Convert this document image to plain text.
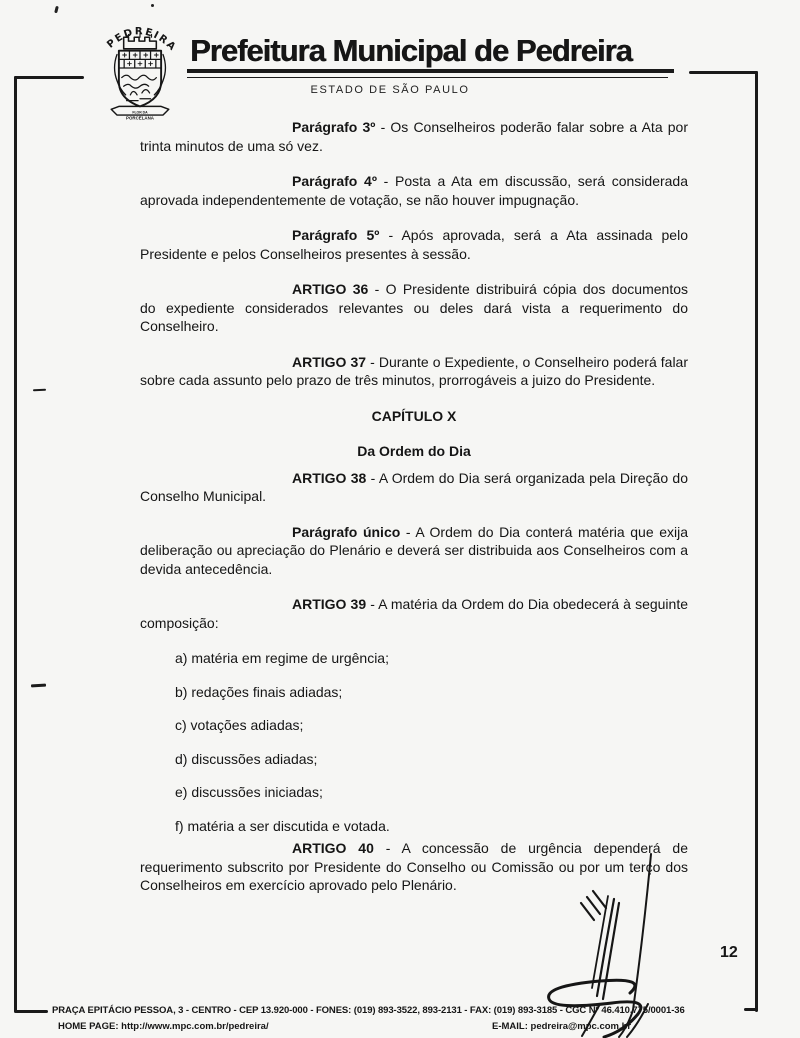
PEDREIRA
FLOR DA
PORCELANA
Prefeitura Municipal de Pedreira
ESTADO DE SÃO PAULO

Parágrafo 3º - Os Conselheiros poderão falar sobre a Ata por trinta minutos de uma só vez.

Parágrafo 4º - Posta a Ata em discussão, será considerada aprovada independentemente de votação, se não houver impugnação.

Parágrafo 5º - Após aprovada, será a Ata assinada pelo Presidente e pelos Conselheiros presentes à sessão.

ARTIGO 36 - O Presidente distribuirá cópia dos documentos do expediente considerados relevantes ou deles dará vista a requerimento do Conselheiro.

ARTIGO 37 - Durante o Expediente, o Conselheiro poderá falar sobre cada assunto pelo prazo de três minutos, prorrogáveis a juizo do Presidente.

CAPÍTULO X

Da Ordem do Dia

ARTIGO 38 - A Ordem do Dia será organizada pela Direção do Conselho Municipal.

Parágrafo único - A Ordem do Dia conterá matéria que exija deliberação ou apreciação do Plenário e deverá ser distribuida aos Conselheiros com a devida antecedência.

ARTIGO 39 - A matéria da Ordem do Dia obedecerá à seguinte composição:

a) matéria em regime de urgência;

b) redações finais adiadas;

c) votações adiadas;

d) discussões adiadas;

e) discussões iniciadas;

f) matéria a ser discutida e votada.

ARTIGO 40 - A concessão de urgência dependerá de requerimento subscrito por Presidente do Conselho ou Comissão ou por um terço dos Conselheiros em exercício aprovado pelo Plenário.

12
PRAÇA EPITÁCIO PESSOA, 3 - CENTRO - CEP 13.920-000 - FONES: (019) 893-3522, 893-2131 - FAX: (019) 893-3185 - CGC Nº 46.410.775/0001-36
HOME PAGE: http://www.mpc.com.br/pedreira/	E-MAIL: pedreira@mpc.com.br
